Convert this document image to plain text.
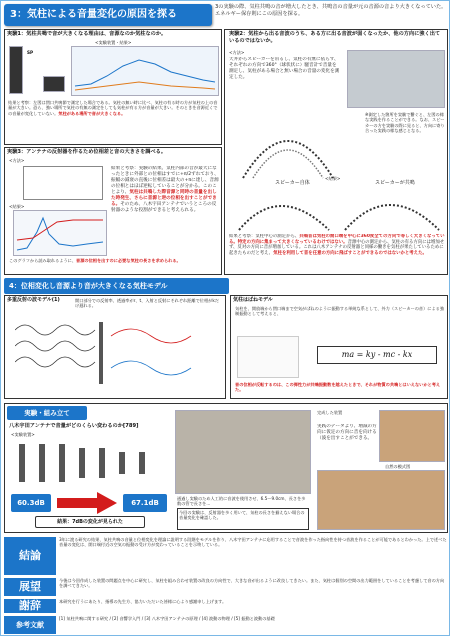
3：気柱による音量変化の原因を探る
3の実験の際、気柱共鳴の音が増大したとき、共鳴音の音量が元の音源の音より大きくなっていた。エネルギー保存則にこの原因を探る。
実験1：気柱共鳴で音が大きくなる理由は、音源なのか気柱なのか。
<実験装置・結果>
SP
結果と考察：左図は閉口共鳴節で測定した場合である。気柱の無い時に比べ、気柱の有る時の方が気柱の上の音量が大きい。恐ら、強い場所で気柱の有無の測定をしても気柱が有る方が音量が大きい。そのときを音源近くでの音量が変化していない。気柱がある場所で音が大きくなる。
実験2：気柱から出る音波のうち、ある方に出る音波が弱くなったか、他の方向に強く出ているのではないか。
<方法>
天井からスピーカーを吊るし、気柱の有無に依らず、それぞれの方向で360°（球状状に）騒音計で音量を測定し、気柱がある場合と無い場合の音量の変化を測定した。
※測定した箇所を実験で繋ぐと、左図の様な実践を作ることができる。なお、スピーカーの方を実験の際に見ると、方向に寄り合った実践の様な感じとなる。
スピーカー自体
<結果>
スピーカーが共鳴
結果と考察：気柱中心の測定から、共鳴音は気柱の開口端を中心に360度全ての方向で等しく大きくなっている。特定の方向に集まって大きくなっているわけではない。音源中心の測定から、気柱の有る方向には増加せず、反対の方向に音が増加している。これは八木アンテナの反射器と同様の働きを気柱が果たしているために起きたものだと考え、気柱を利用して音を任意の方向に飛ばすことができるのではないかと考えた。
実験3：アンテナの反射器を作るため位相差と音の大きさを調べる。
<方法>
<結果>
このグラフから読み取れるように、音源の位相を出すのに必要な気柱の長さを求められる。
結果と考察：実験の結果、気柱内部の音が最大になったときに外部との位相はすでに+π/2ずれており、振幅の減衰の直後に位相差は最大の+πに達し、音源の位相とはほぼ逆転していることが分かる。このことより、気柱は共鳴した際音源と同時の音量を出した時発生、さらに音源と逆の位相を出すことができる。そのため、八木宇田アンテナでいうところの反射器のような役割ができると考えられる。
4：位相変化し音源より音が大きくなる気柱モデル
多重反射の波モデル(1)	開口部分での反射率、透過率がr、t、入射と反射にそれぞれ距離で位相がkだけ遅れる。
気柱はばねモデル
気柱を、開放端から閉口端まで空気がばねのように振動する単純な系として、外力（スピーカーの音）による強制振動として考えると、
ma = ky - mc - kx
音の位相が反転するのは、この弾性力が共鳴振動数を越えたときで、それが物質の共鳴とはいえないかと考えた。
実験・組み立て
八木宇田アンテナで音量がどのくらい変わるのか[789]
<実験装置>
60.3dB	67.1dB
結果：7dBの変化が見られた
通過し実験のため人工的に音波を使用させ、6.5～9.0cm、長さを多数の管で長さを...
今回の実験は、反射器を多く用いて、気柱の長さを揃えない場合の音量変化を確認した。
完成した装置
実践のデータより、増減の方向に仮定の方向に音を向ける（波を出すことができる。
自然の模式図
結論
3年に渡る研究の結果、気柱共鳴の音量と位相変化を理論に説明する段階をモデルを作り、八木宇田アンテナに応用することで音波を作った指向性を持つ音波を作ることが可能であるとわかった。上で述べた音量の変化は、開口端付近の空気の振動の受け方が変わっていることを示唆している。
展望	今後は今回作成した装置の問題点を中心に研究し、気柱を組み合わせ装置の改良の方向性で、大きな音が出るように改良してきたい。また、気柱は個別の空間の出力範囲をしていることを考慮して音の方向を調べてきたい。
謝辞	本研究を行うにあたり、指導の先生方、協力いただいた皆様に心より感謝申し上げます。
参考文献
[1] 気柱共鳴に関する研究 / [2] 音響学入門 / [3] 八木宇田アンテナの原理 / [4] 波動の物理 / [5] 振動と波動の基礎
